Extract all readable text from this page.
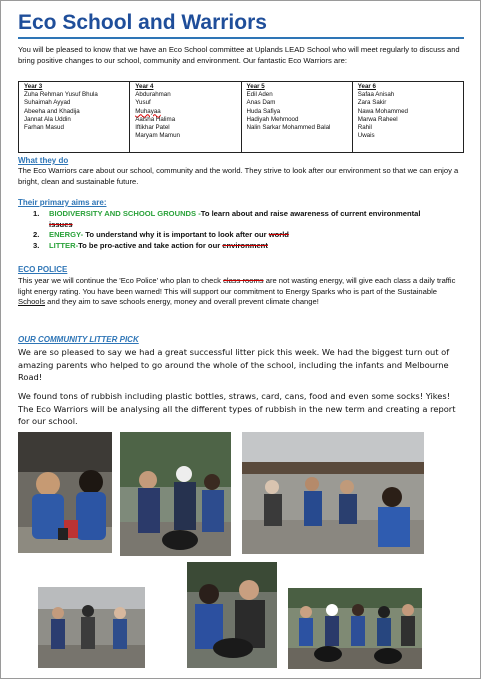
Eco School and Warriors
You will be pleased to know that we have an Eco School committee at Uplands LEAD School who will meet regularly to discuss and bring positive changes to our school, community and environment. Our fantastic Eco Warriors are:
Year 3
Zuha Rehman Yusuf Bhula
Suhaimah Ayyad
Abeeha and Khadija
Jannat Ala Uddin
Farhan Masud

Year 4
Abdurahman
Yusuf
Muhayaa
Aaisha Halima
Iftikhar Patel
Maryam Mamun

Year 5
Edil Aden
Anas Dam
Huda Safiya
Hadiyah Mehmood
Nalin Sarkar Mohammed Balal

Year 6
Safaa Anisah
Zara Sakir
Nawa Mohammed
Marwa Raheel
Rahil
Uwais
What they do
The Eco Warriors care about our school, community and the world. They strive to look after our environment so that we can enjoy a bright, clean and sustainable future.
Their primary aims are:
1.	BIODIVERSITY AND SCHOOL GROUNDS -To learn about and raise awareness of current environmental
issues
2.	ENERGY- To understand why it is important to look after our world
3.	LITTER-To be pro-active and take action for our environment
ECO POLICE
This year we will continue the 'Eco Police' who plan to check class rooms are not wasting energy, will give each class a daily traffic light energy rating. You have been warned! This will support our commitment to Energy Sparks who is part of the Sustainable Schools and they aim to save schools energy, money and overall prevent climate change!
OUR COMMUNITY LITTER PICK
We are so pleased to say we had a great successful litter pick this week. We had the biggest turn out of amazing parents who helped to go around the whole of the school, including the infants and Melbourne Road!
We found tons of rubbish including plastic bottles, straws, card, cans, food and even some socks! Yikes! The Eco Warriors will be analysing all the different types of rubbish in the new term and creating a report for our school.
